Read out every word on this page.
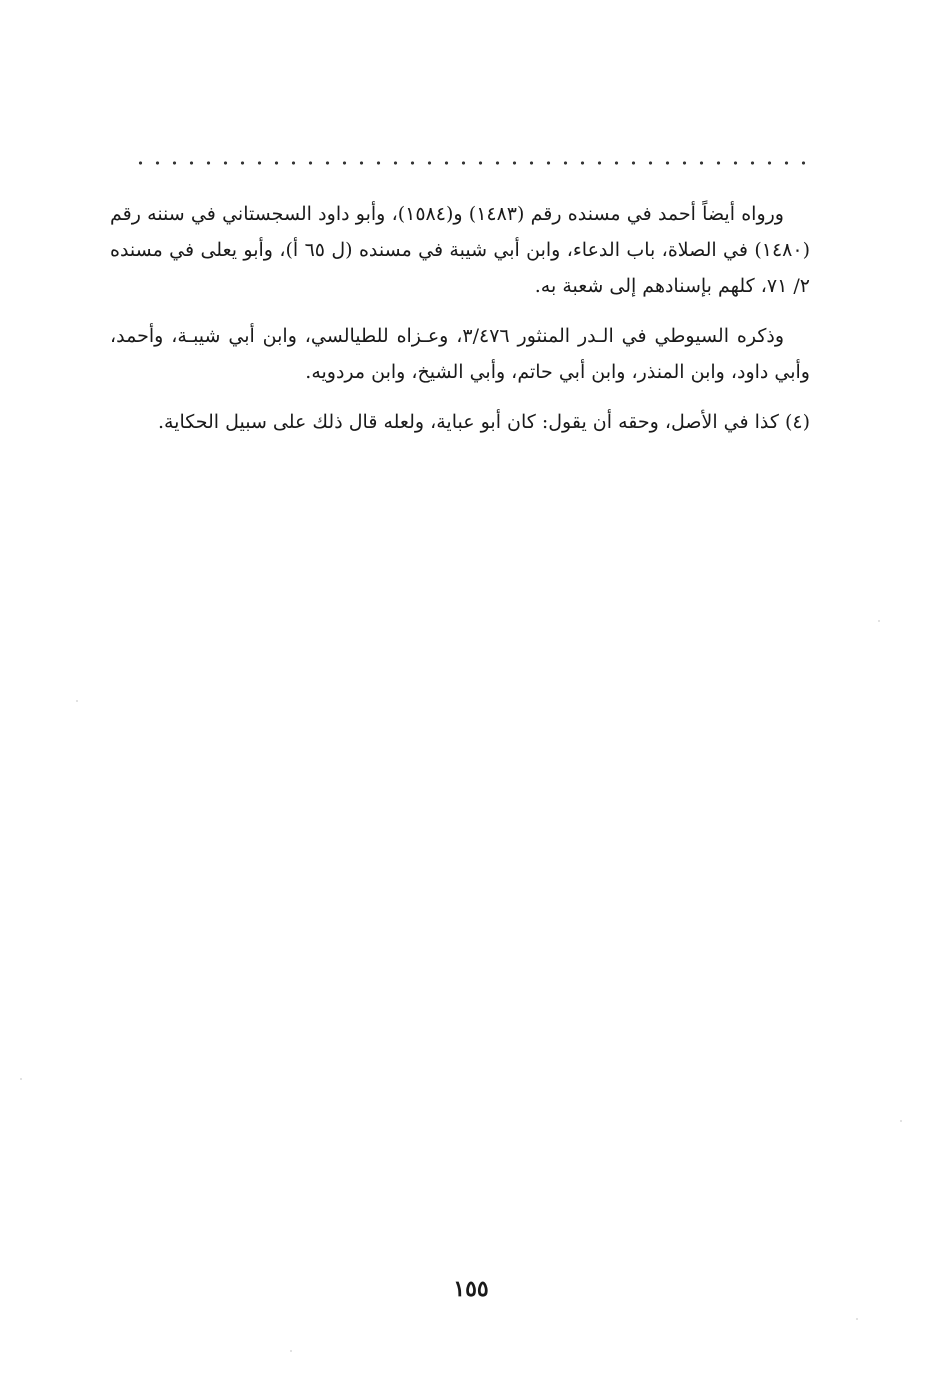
ورواه أيضاً أحمد في مسنده رقم (١٤٨٣) و(١٥٨٤)، وأبو داود السجستاني في سننه رقم (١٤٨٠) في الصلاة، باب الدعاء، وابن أبي شيبة في مسنده (ل ٦٥ أ)، وأبو يعلى في مسنده ٢/ ٧١، كلهم بإسنادهم إلى شعبة به.

وذكره السيوطي في الـدر المنثور ٣/٤٧٦، وعـزاه للطيالسي، وابن أبي شيبـة، وأحمد، وأبي داود، وابن المنذر، وابن أبي حاتم، وأبي الشيخ، وابن مردويه.

(٤) كذا في الأصل، وحقه أن يقول: كان أبو عباية، ولعله قال ذلك على سبيل الحكاية.

١٥٥
